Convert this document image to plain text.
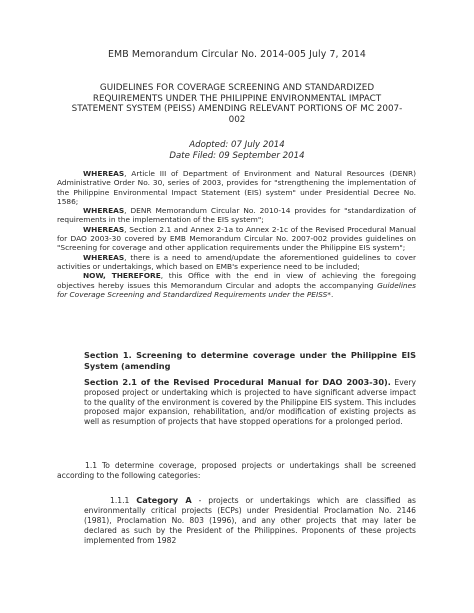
EMB Memorandum Circular No. 2014-005 July 7, 2014
GUIDELINES FOR COVERAGE SCREENING AND STANDARDIZED REQUIREMENTS UNDER THE PHILIPPINE ENVIRONMENTAL IMPACT STATEMENT SYSTEM (PEISS) AMENDING RELEVANT PORTIONS OF MC 2007-002
Adopted: 07 July 2014
Date Filed: 09 September 2014

WHEREAS, Article III of Department of Environment and Natural Resources (DENR) Administrative Order No. 30, series of 2003, provides for "strengthening the implementation of the Philippine Environmental Impact Statement (EIS) system" under Presidential Decree No. 1586;

WHEREAS, DENR Memorandum Circular No. 2010-14 provides for "standardization of requirements in the implementation of the EIS system";

WHEREAS, Section 2.1 and Annex 2-1a to Annex 2-1c of the Revised Procedural Manual for DAO 2003-30 covered by EMB Memorandum Circular No. 2007-002 provides guidelines on "Screening for coverage and other application requirements under the Philippine EIS system";

WHEREAS, there is a need to amend/update the aforementioned guidelines to cover activities or undertakings, which based on EMB's experience need to be included;

NOW, THEREFORE, this Office with the end in view of achieving the foregoing objectives hereby issues this Memorandum Circular and adopts the accompanying Guidelines for Coverage Screening and Standardized Requirements under the PEISS*.

Section 1. Screening to determine coverage under the Philippine EIS System (amending
Section 2.1 of the Revised Procedural Manual for DAO 2003-30). Every proposed project or undertaking which is projected to have significant adverse impact to the quality of the environment is covered by the Philippine EIS system. This includes proposed major expansion, rehabilitation, and/or modification of existing projects as well as resumption of projects that have stopped operations for a prolonged period.
1.1 To determine coverage, proposed projects or undertakings shall be screened according to the following categories:
1.1.1 Category A - projects or undertakings which are classified as environmentally critical projects (ECPs) under Presidential Proclamation No. 2146 (1981), Proclamation No. 803 (1996), and any other projects that may later be declared as such by the President of the Philippines. Proponents of these projects implemented from 1982
